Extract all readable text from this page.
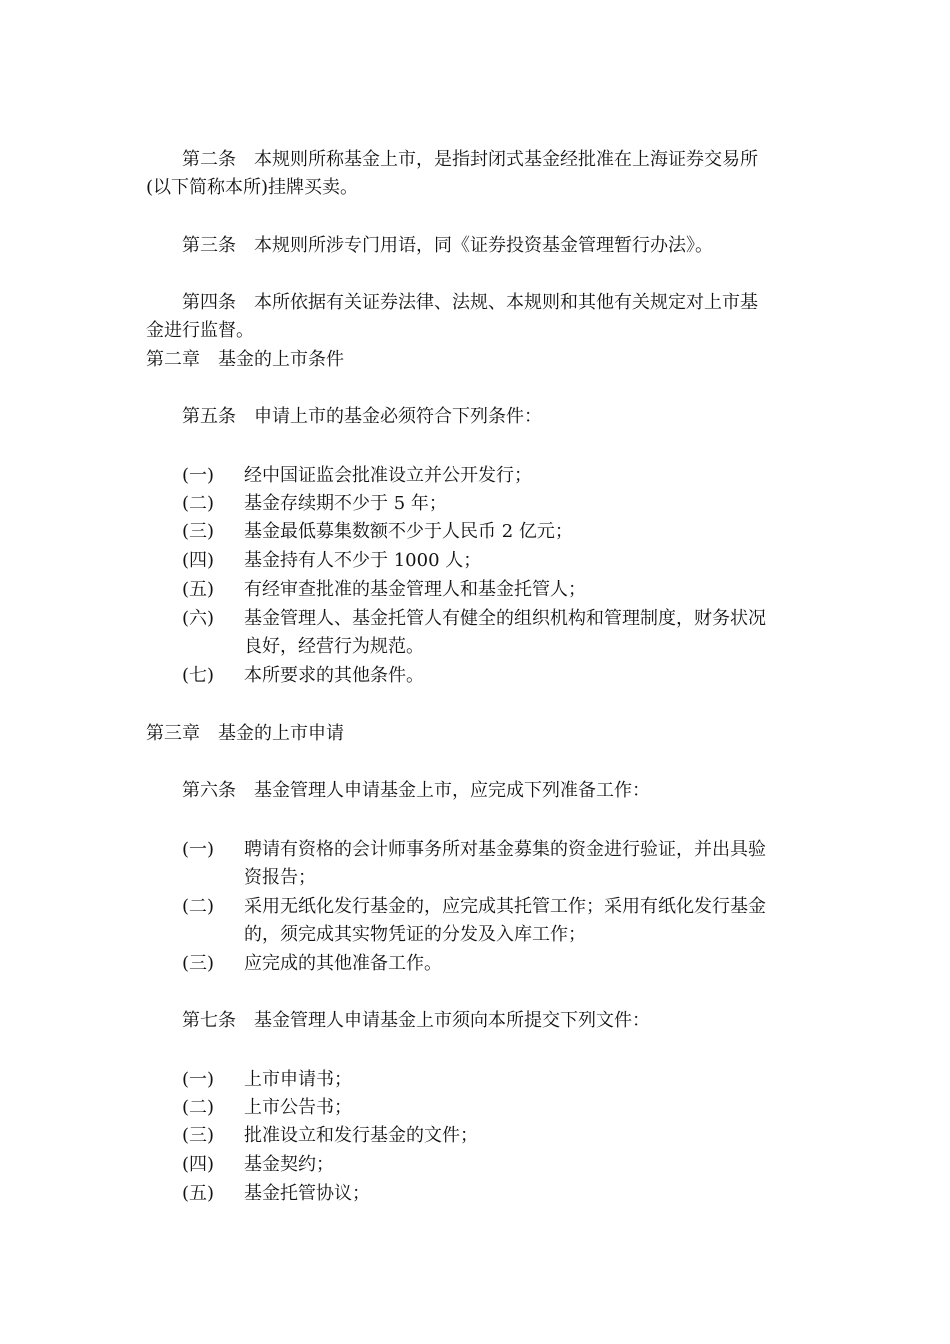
第二条　 本规则所称基金上市，是指封闭式基金经批准在上海证券交易所
(以下简称本所)挂牌买卖。
第三条　 本规则所涉专门用语，同《证券投资基金管理暂行办法》。
第四条　 本所依据有关证券法律、法规、本规则和其他有关规定对上市基
金进行监督。
第二章　 基金的上市条件
第五条　 申请上市的基金必须符合下列条件：
(一)	经中国证监会批准设立并公开发行；
(二)	基金存续期不少于 5 年；
(三)	基金最低募集数额不少于人民币 2 亿元；
(四)	基金持有人不少于 1000 人；
(五)	有经审查批准的基金管理人和基金托管人；
(六)	基金管理人、基金托管人有健全的组织机构和管理制度，财务状况
良好，经营行为规范。
(七)	本所要求的其他条件。
第三章　 基金的上市申请
第六条　 基金管理人申请基金上市，应完成下列准备工作：
(一)	聘请有资格的会计师事务所对基金募集的资金进行验证，并出具验
资报告；
(二)	采用无纸化发行基金的，应完成其托管工作；采用有纸化发行基金
的，须完成其实物凭证的分发及入库工作；
(三)	应完成的其他准备工作。
第七条　 基金管理人申请基金上市须向本所提交下列文件：
(一)	上市申请书；
(二)	上市公告书；
(三)	批准设立和发行基金的文件；
(四)	基金契约；
(五)	基金托管协议；
